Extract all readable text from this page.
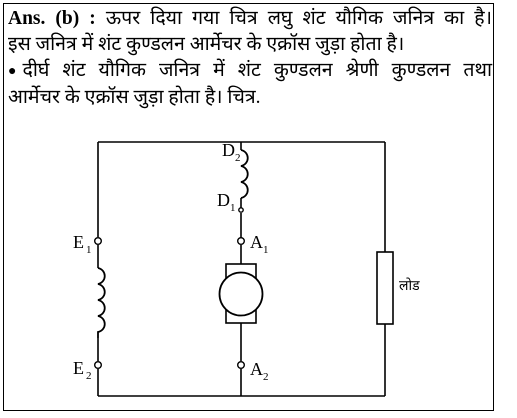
Ans. (b) : ऊपर दिया गया चित्र लघु शंट यौगिक जनित्र का है।
इस जनित्र में शंट कुण्डलन आर्मेचर के एक्रॉस जुड़ा होता है।
● दीर्घ शंट यौगिक जनित्र में शंट कुण्डलन श्रेणी कुण्डलन तथा
आर्मेचर के एक्रॉस जुड़ा होता है। चित्र.
D 2
D 1
A 1
A 2
E 1
E 2
लोड
